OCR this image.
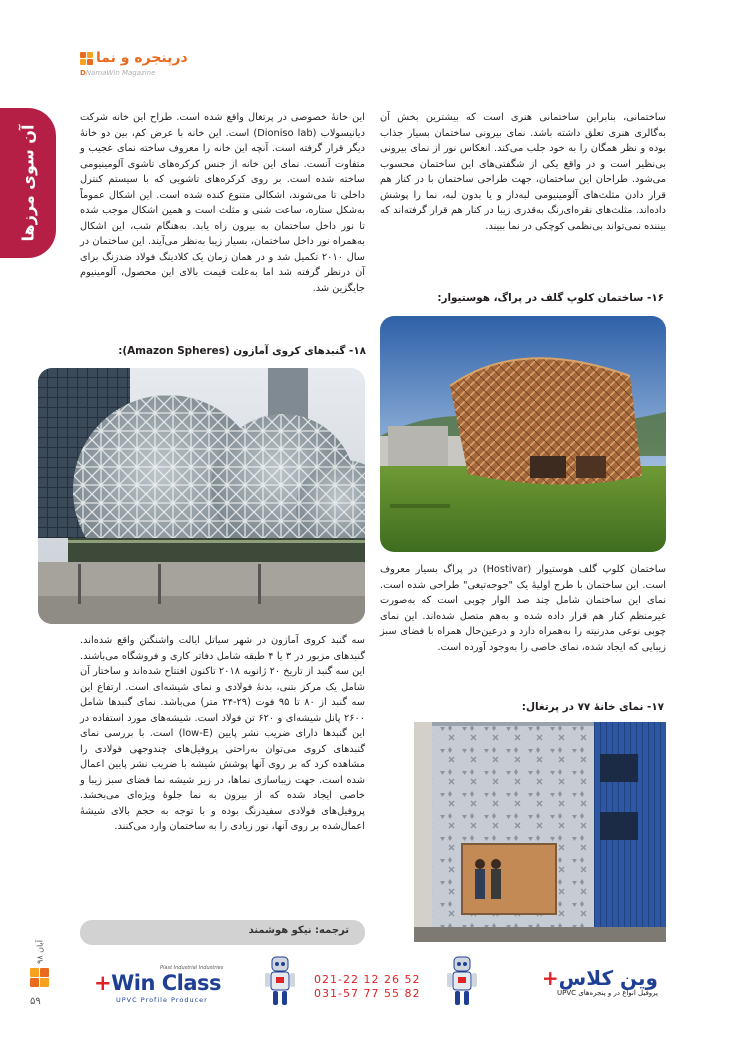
درپنجره و نما
DNamaWin Magazine
آن سوی مرزها

ساختمانی، بنابراین ساختمانی هنری است که بیشترین بخش آن به‌گالری هنری تعلق داشته باشد. نمای بیرونی ساختمان بسیار جذاب بوده و نظر همگان را به خود جلب می‌کند. انعکاس نور از نمای بیرونی بی‌نظیر است و در واقع یکی از شگفتی‌های این ساختمان محسوب می‌شود. طراحان این ساختمان، جهت طراحی ساختمان با در کنار هم قرار دادن مثلث‌های آلومینیومی لبه‌دار و یا بدون لبه، نما را پوشش داده‌اند. مثلث‌های نقره‌ای‌رنگ به‌قدری زیبا در کنار هم قرار گرفته‌اند که بیننده نمی‌تواند بی‌نظمی کوچکی در نما ببیند.

۱۶- ساختمان کلوپ گلف در پراگ، هوستیوار:

ساختمان کلوپ گلف هوستیوار (Hostivar) در پراگ بسیار معروف است. این ساختمان با طرح اولیهٔ یک "جوجه‌تیغی" طراحی شده است. نمای این ساختمان شامل چند صد الوار چوبی است که به‌صورت غیرمنظم کنار هم قرار داده شده و به‌هم متصل شده‌اند. این نمای چوبی نوعی مدرنیته را به‌همراه دارد و درعین‌حال همراه با فضای سبز زیبایی که ایجاد شده، نمای خاصی را به‌وجود آورده است.

۱۷- نمای خانهٔ ۷۷ در پرتغال:

این خانهٔ خصوصی در پرتغال واقع شده است. طراح این خانه شرکت دیانیسولاب (Dioniso lab) است. این خانه با عرض کم، بین دو خانهٔ دیگر قرار گرفته است. آنچه این خانه را معروف ساخته نمای عجیب و متفاوت آنست. نمای این خانه از جنس کرکره‌های تاشوی آلومینیومی ساخته شده است. بر روی کرکره‌های تاشویی که با سیستم کنترل داخلی تا می‌شوند، اشکالی متنوع کنده شده است. این اشکال عموماً به‌شکل ستاره، ساعت شنی و مثلث است و همین اشکال موجب شده تا نور داخل ساختمان به بیرون راه یابد. به‌هنگام شب، این اشکال به‌همراه نور داخل ساختمان، بسیار زیبا به‌نظر می‌آیند. این ساختمان در سال ۲۰۱۰ تکمیل شد و در همان زمان یک کلادینگ فولاد ضدزنگ برای آن درنظر گرفته شد اما به‌علت قیمت بالای این محصول، آلومینیوم جایگزین شد.

۱۸- گنبدهای کروی آمازون (Amazon Spheres):

سه گنبد کروی آمازون در شهر سیاتل ایالت واشنگتن واقع شده‌اند. گنبدهای مزبور در ۳ یا ۴ طبقه شامل دفاتر کاری و فروشگاه می‌باشند. این سه گنبد از تاریخ ۲۰ ژانویه ۲۰۱۸ تاکنون افتتاح شده‌اند و ساختار آن شامل یک مرکز بتنی، بدنهٔ فولادی و نمای شیشه‌ای است. ارتفاع این سه گنبد از ۸۰ تا ۹۵ فوت (۲۹-۲۴ متر) می‌باشد. نمای گنبدها شامل ۲۶۰۰ پانل شیشه‌ای و ۶۲۰ تن فولاد است. شیشه‌های مورد استفاده در این گنبدها دارای ضریب نشر پایین (low-E) است. با بررسی نمای گنبدهای کروی می‌توان به‌راحتی پروفیل‌های چندوجهی فولادی را مشاهده کرد که بر روی آنها پوشش شیشه با ضریب نشر پایین اعمال شده است. جهت زیباسازی نماها، در زیر شیشه نما فضای سبز زیبا و خاصی ایجاد شده که از بیرون به نما جلوهٔ ویژه‌ای می‌بخشد. پروفیل‌های فولادی سفیدرنگ بوده و با توجه به حجم بالای شیشهٔ اعمال‌شده بر روی آنها، نور زیادی را به ساختمان وارد می‌کنند.

ترجمه: نیکو هوشمند
آبان ۹۸
۵۹
Plast Industrial Industries
+Win Class
UPVC Profile Producer
021-22 12 26 52
031-57 77 55 82
وین کلاس+
پروفیل انواع در و پنجره‌های UPVC
